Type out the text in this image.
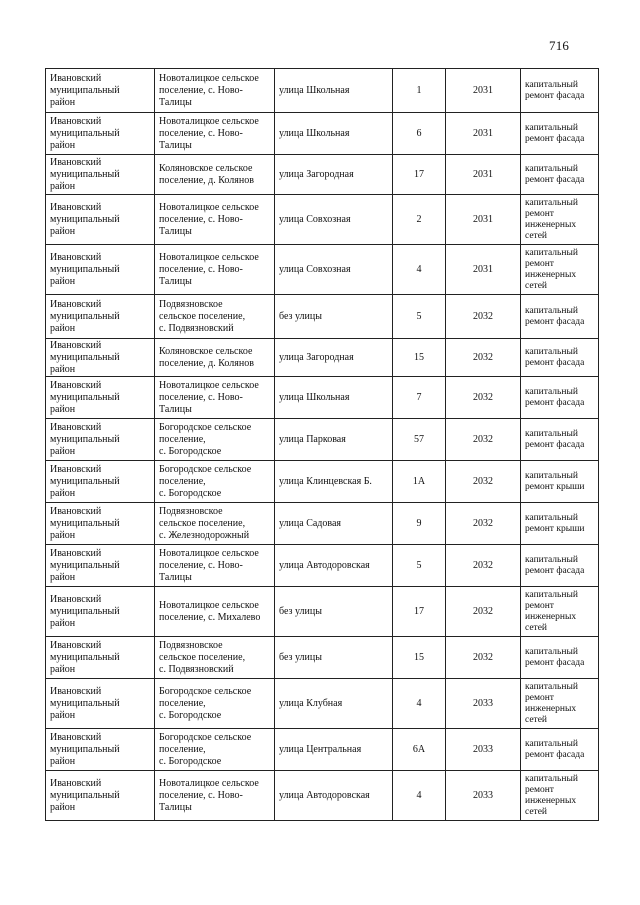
716
Ивановский
муниципальный
район	Новоталицкое сельское
поселение, с. Ново-
Талицы	улица Школьная	1	2031	капитальный
ремонт фасада

Ивановский
муниципальный
район	Новоталицкое сельское
поселение, с. Ново-
Талицы	улица Школьная	6	2031	капитальный
ремонт фасада

Ивановский
муниципальный
район	Коляновское сельское
поселение, д. Колянов	улица Загородная	17	2031	капитальный
ремонт фасада

Ивановский
муниципальный
район	Новоталицкое сельское
поселение, с. Ново-
Талицы	улица Совхозная	2	2031	капитальный
ремонт
инженерных
сетей

Ивановский
муниципальный
район	Новоталицкое сельское
поселение, с. Ново-
Талицы	улица Совхозная	4	2031	капитальный
ремонт
инженерных
сетей

Ивановский
муниципальный
район	Подвязновское
сельское поселение,
с. Подвязновский	без улицы	5	2032	капитальный
ремонт фасада

Ивановский
муниципальный
район	Коляновское сельское
поселение, д. Колянов	улица Загородная	15	2032	капитальный
ремонт фасада

Ивановский
муниципальный
район	Новоталицкое сельское
поселение, с. Ново-
Талицы	улица Школьная	7	2032	капитальный
ремонт фасада

Ивановский
муниципальный
район	Богородское сельское
поселение,
с. Богородское	улица Парковая	57	2032	капитальный
ремонт фасада

Ивановский
муниципальный
район	Богородское сельское
поселение,
с. Богородское	улица Клинцевская Б.	1А	2032	капитальный
ремонт крыши

Ивановский
муниципальный
район	Подвязновское
сельское поселение,
с. Железнодорожный	улица Садовая	9	2032	капитальный
ремонт крыши

Ивановский
муниципальный
район	Новоталицкое сельское
поселение, с. Ново-
Талицы	улица Автодоровская	5	2032	капитальный
ремонт фасада

Ивановский
муниципальный
район	Новоталицкое сельское
поселение, с. Михалево	без улицы	17	2032	капитальный
ремонт
инженерных
сетей

Ивановский
муниципальный
район	Подвязновское
сельское поселение,
с. Подвязновский	без улицы	15	2032	капитальный
ремонт фасада

Ивановский
муниципальный
район	Богородское сельское
поселение,
с. Богородское	улица Клубная	4	2033	капитальный
ремонт
инженерных
сетей

Ивановский
муниципальный
район	Богородское сельское
поселение,
с. Богородское	улица Центральная	6А	2033	капитальный
ремонт фасада

Ивановский
муниципальный
район	Новоталицкое сельское
поселение, с. Ново-
Талицы	улица Автодоровская	4	2033	капитальный
ремонт
инженерных
сетей
